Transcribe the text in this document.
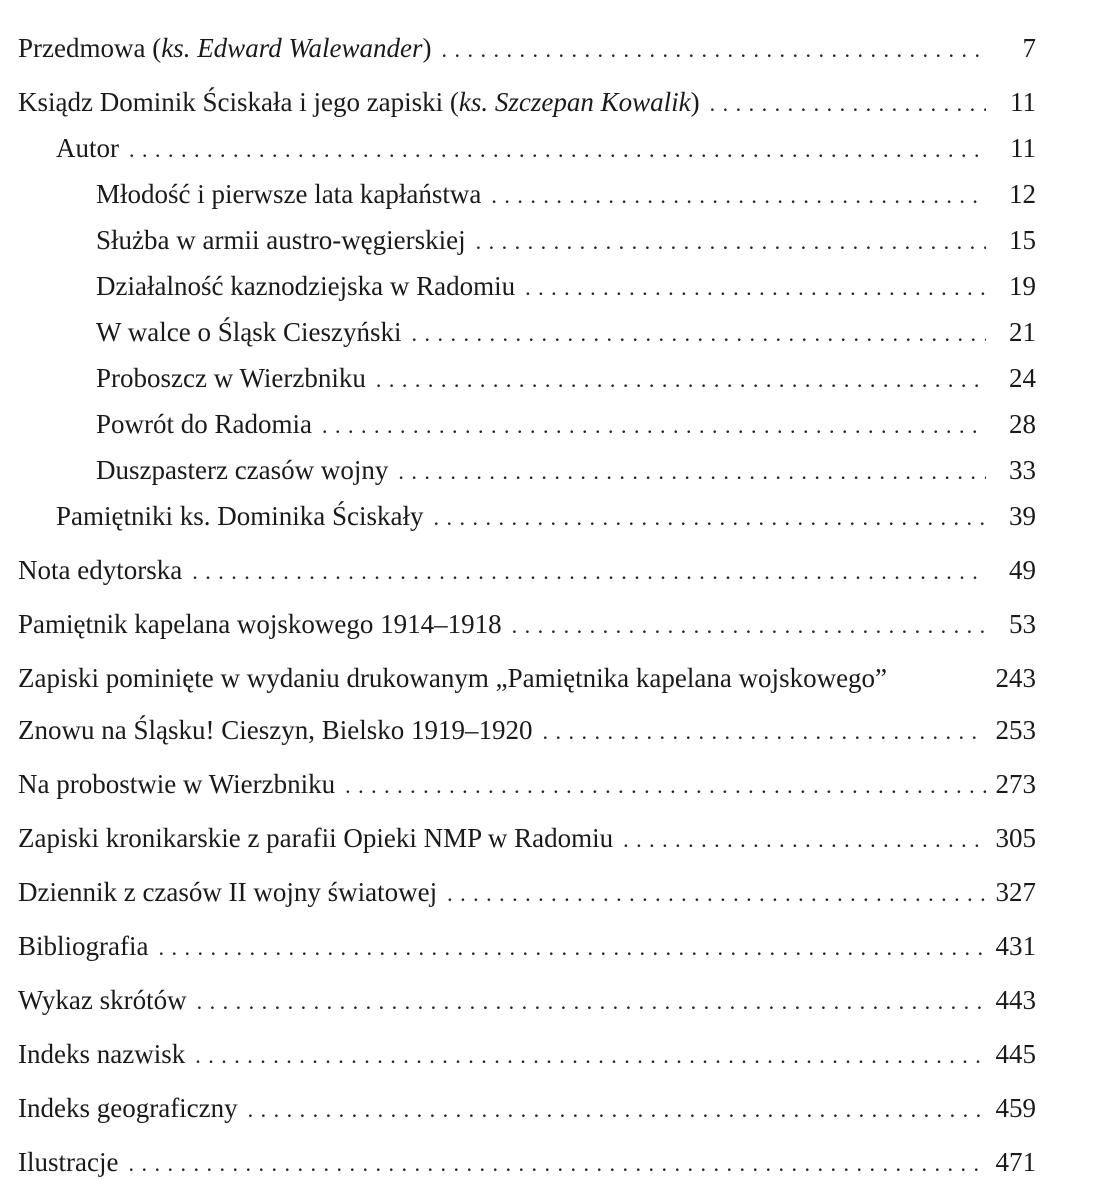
Przedmowa (ks. Edward Walewander) . . .	7
Ksiądz Dominik Ściskała i jego zapiski (ks. Szczepan Kowalik) . . .	11
Autor . . .	11
Młodość i pierwsze lata kapłaństwa . . .	12
Służba w armii austro-węgierskiej . . .	15
Działalność kaznodziejska w Radomiu . . .	19
W walce o Śląsk Cieszyński . . .	21
Proboszcz w Wierzbniku . . .	24
Powrót do Radomia . . .	28
Duszpasterz czasów wojny . . .	33
Pamiętniki ks. Dominika Ściskały . . .	39
Nota edytorska . . .	49
Pamiętnik kapelana wojskowego 1914–1918 . . .	53
Zapiski pominięte w wydaniu drukowanym „Pamiętnika kapelana wojskowego”	243
Znowu na Śląsku! Cieszyn, Bielsko 1919–1920 . . .	253
Na probostwie w Wierzbniku . . .	273
Zapiski kronikarskie z parafii Opieki NMP w Radomiu . . .	305
Dziennik z czasów II wojny światowej . . .	327
Bibliografia . . .	431
Wykaz skrótów . . .	443
Indeks nazwisk . . .	445
Indeks geograficzny . . .	459
Ilustracje . . .	471
